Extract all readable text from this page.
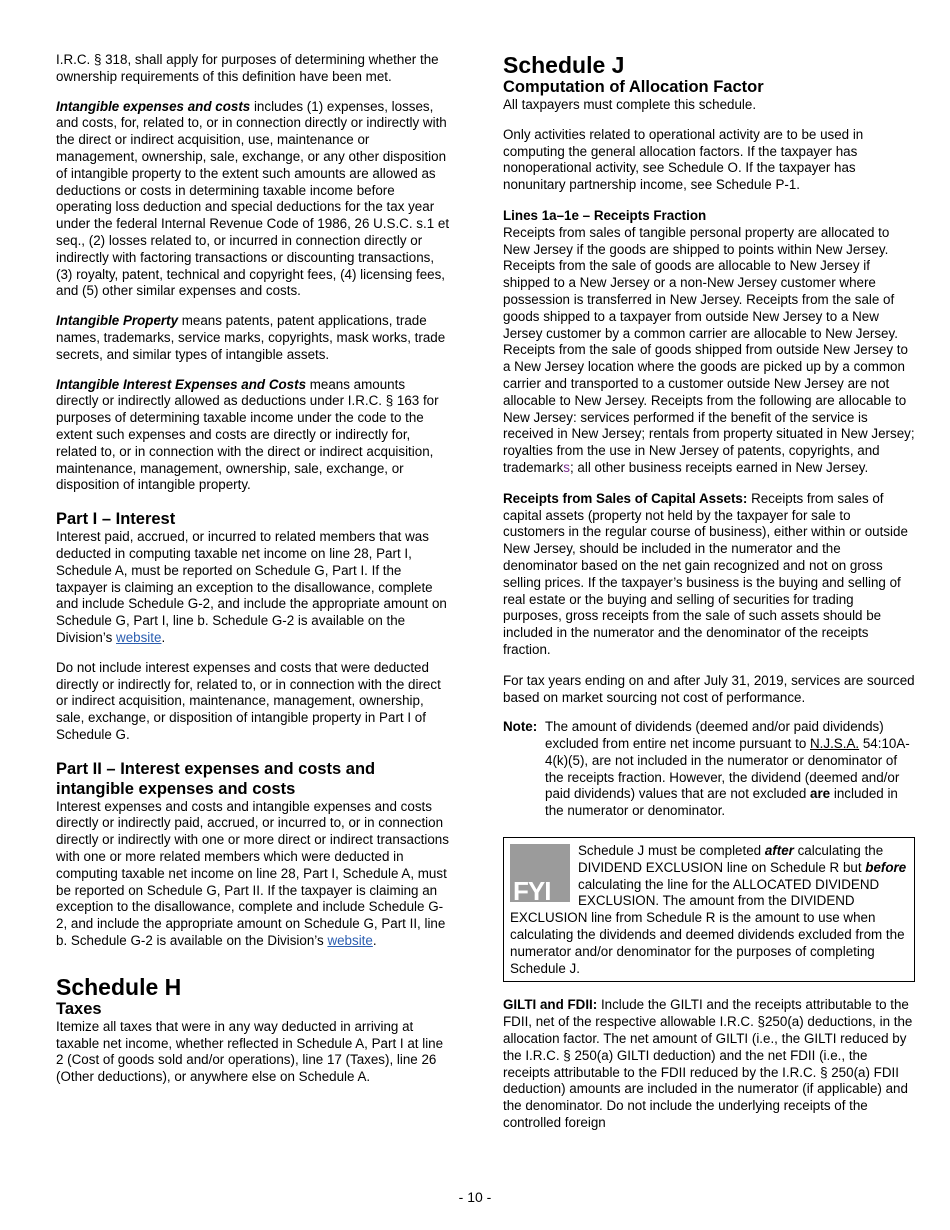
I.R.C. § 318, shall apply for purposes of determining whether the ownership requirements of this definition have been met.

Intangible expenses and costs includes (1) expenses, losses, and costs, for, related to, or in connection directly or indirectly with the direct or indirect acquisition, use, maintenance or management, ownership, sale, exchange, or any other disposition of intangible property to the extent such amounts are allowed as deductions or costs in determining taxable income before operating loss deduction and special deductions for the tax year under the federal Internal Revenue Code of 1986, 26 U.S.C. s.1 et seq., (2) losses related to, or incurred in connection directly or indirectly with factoring transactions or discounting transactions, (3) royalty, patent, technical and copyright fees, (4) licensing fees, and (5) other similar expenses and costs.

Intangible Property means patents, patent applications, trade names, trademarks, service marks, copyrights, mask works, trade secrets, and similar types of intangible assets.

Intangible Interest Expenses and Costs means amounts directly or indirectly allowed as deductions under I.R.C. § 163 for purposes of determining taxable income under the code to the extent such expenses and costs are directly or indirectly for, related to, or in connection with the direct or indirect acquisition, maintenance, management, ownership, sale, exchange, or disposition of intangible property.

Part I – Interest

Interest paid, accrued, or incurred to related members that was deducted in computing taxable net income on line 28, Part I, Schedule A, must be reported on Schedule G, Part I. If the taxpayer is claiming an exception to the disallowance, complete and include Schedule G-2, and include the appropriate amount on Schedule G, Part I, line b. Schedule G-2 is available on the Division’s website.

Do not include interest expenses and costs that were deducted directly or indirectly for, related to, or in connection with the direct or indirect acquisition, maintenance, management, ownership, sale, exchange, or disposition of intangible property in Part I of Schedule G.

Part II – Interest expenses and costs and intangible expenses and costs

Interest expenses and costs and intangible expenses and costs directly or indirectly paid, accrued, or incurred to, or in connection directly or indirectly with one or more direct or indirect transactions with one or more related members which were deducted in computing taxable net income on line 28, Part I, Schedule A, must be reported on Schedule G, Part II. If the taxpayer is claiming an exception to the disallowance, complete and include Schedule G-2, and include the appropriate amount on Schedule G, Part II, line b. Schedule G-2 is available on the Division’s website.

Schedule H
Taxes

Itemize all taxes that were in any way deducted in arriving at taxable net income, whether reflected in Schedule A, Part I at line 2 (Cost of goods sold and/or operations), line 17 (Taxes), line 26 (Other deductions), or anywhere else on Schedule A.

Schedule J
Computation of Allocation Factor

All taxpayers must complete this schedule.

Only activities related to operational activity are to be used in computing the general allocation factors. If the taxpayer has nonoperational activity, see Schedule O. If the taxpayer has nonunitary partnership income, see Schedule P-1.

Lines 1a–1e – Receipts Fraction

Receipts from sales of tangible personal property are allocated to New Jersey if the goods are shipped to points within New Jersey. Receipts from the sale of goods are allocable to New Jersey if shipped to a New Jersey or a non-New Jersey customer where possession is transferred in New Jersey. Receipts from the sale of goods shipped to a taxpayer from outside New Jersey to a New Jersey customer by a common carrier are allocable to New Jersey. Receipts from the sale of goods shipped from outside New Jersey to a New Jersey location where the goods are picked up by a common carrier and transported to a customer outside New Jersey are not allocable to New Jersey. Receipts from the following are allocable to New Jersey: services performed if the benefit of the service is received in New Jersey; rentals from property situated in New Jersey; royalties from the use in New Jersey of patents, copyrights, and trademarks; all other business receipts earned in New Jersey.

Receipts from Sales of Capital Assets: Receipts from sales of capital assets (property not held by the taxpayer for sale to customers in the regular course of business), either within or outside New Jersey, should be included in the numerator and the denominator based on the net gain recognized and not on gross selling prices. If the taxpayer’s business is the buying and selling of real estate or the buying and selling of securities for trading purposes, gross receipts from the sale of such assets should be included in the numerator and the denominator of the receipts fraction.

For tax years ending on and after July 31, 2019, services are sourced based on market sourcing not cost of performance.

Note: The amount of dividends (deemed and/or paid dividends) excluded from entire net income pursuant to N.J.S.A. 54:10A-4(k)(5), are not included in the numerator or denominator of the receipts fraction. However, the dividend (deemed and/or paid dividends) values that are not excluded are included in the numerator or denominator.
FYI
Schedule J must be completed after calculating the DIVIDEND EXCLUSION line on Schedule R but before calculating the line for the ALLOCATED DIVIDEND EXCLUSION. The amount from the DIVIDEND EXCLUSION line from Schedule R is the amount to use when calculating the dividends and deemed dividends excluded from the numerator and/or denominator for the purposes of completing Schedule J.

GILTI and FDII: Include the GILTI and the receipts attributable to the FDII, net of the respective allowable I.R.C. §250(a) deductions, in the allocation factor. The net amount of GILTI (i.e., the GILTI reduced by the I.R.C. § 250(a) GILTI deduction) and the net FDII (i.e., the receipts attributable to the FDII reduced by the I.R.C. § 250(a) FDII deduction) amounts are included in the numerator (if applicable) and the denominator. Do not include the underlying receipts of the controlled foreign

- 10 -
